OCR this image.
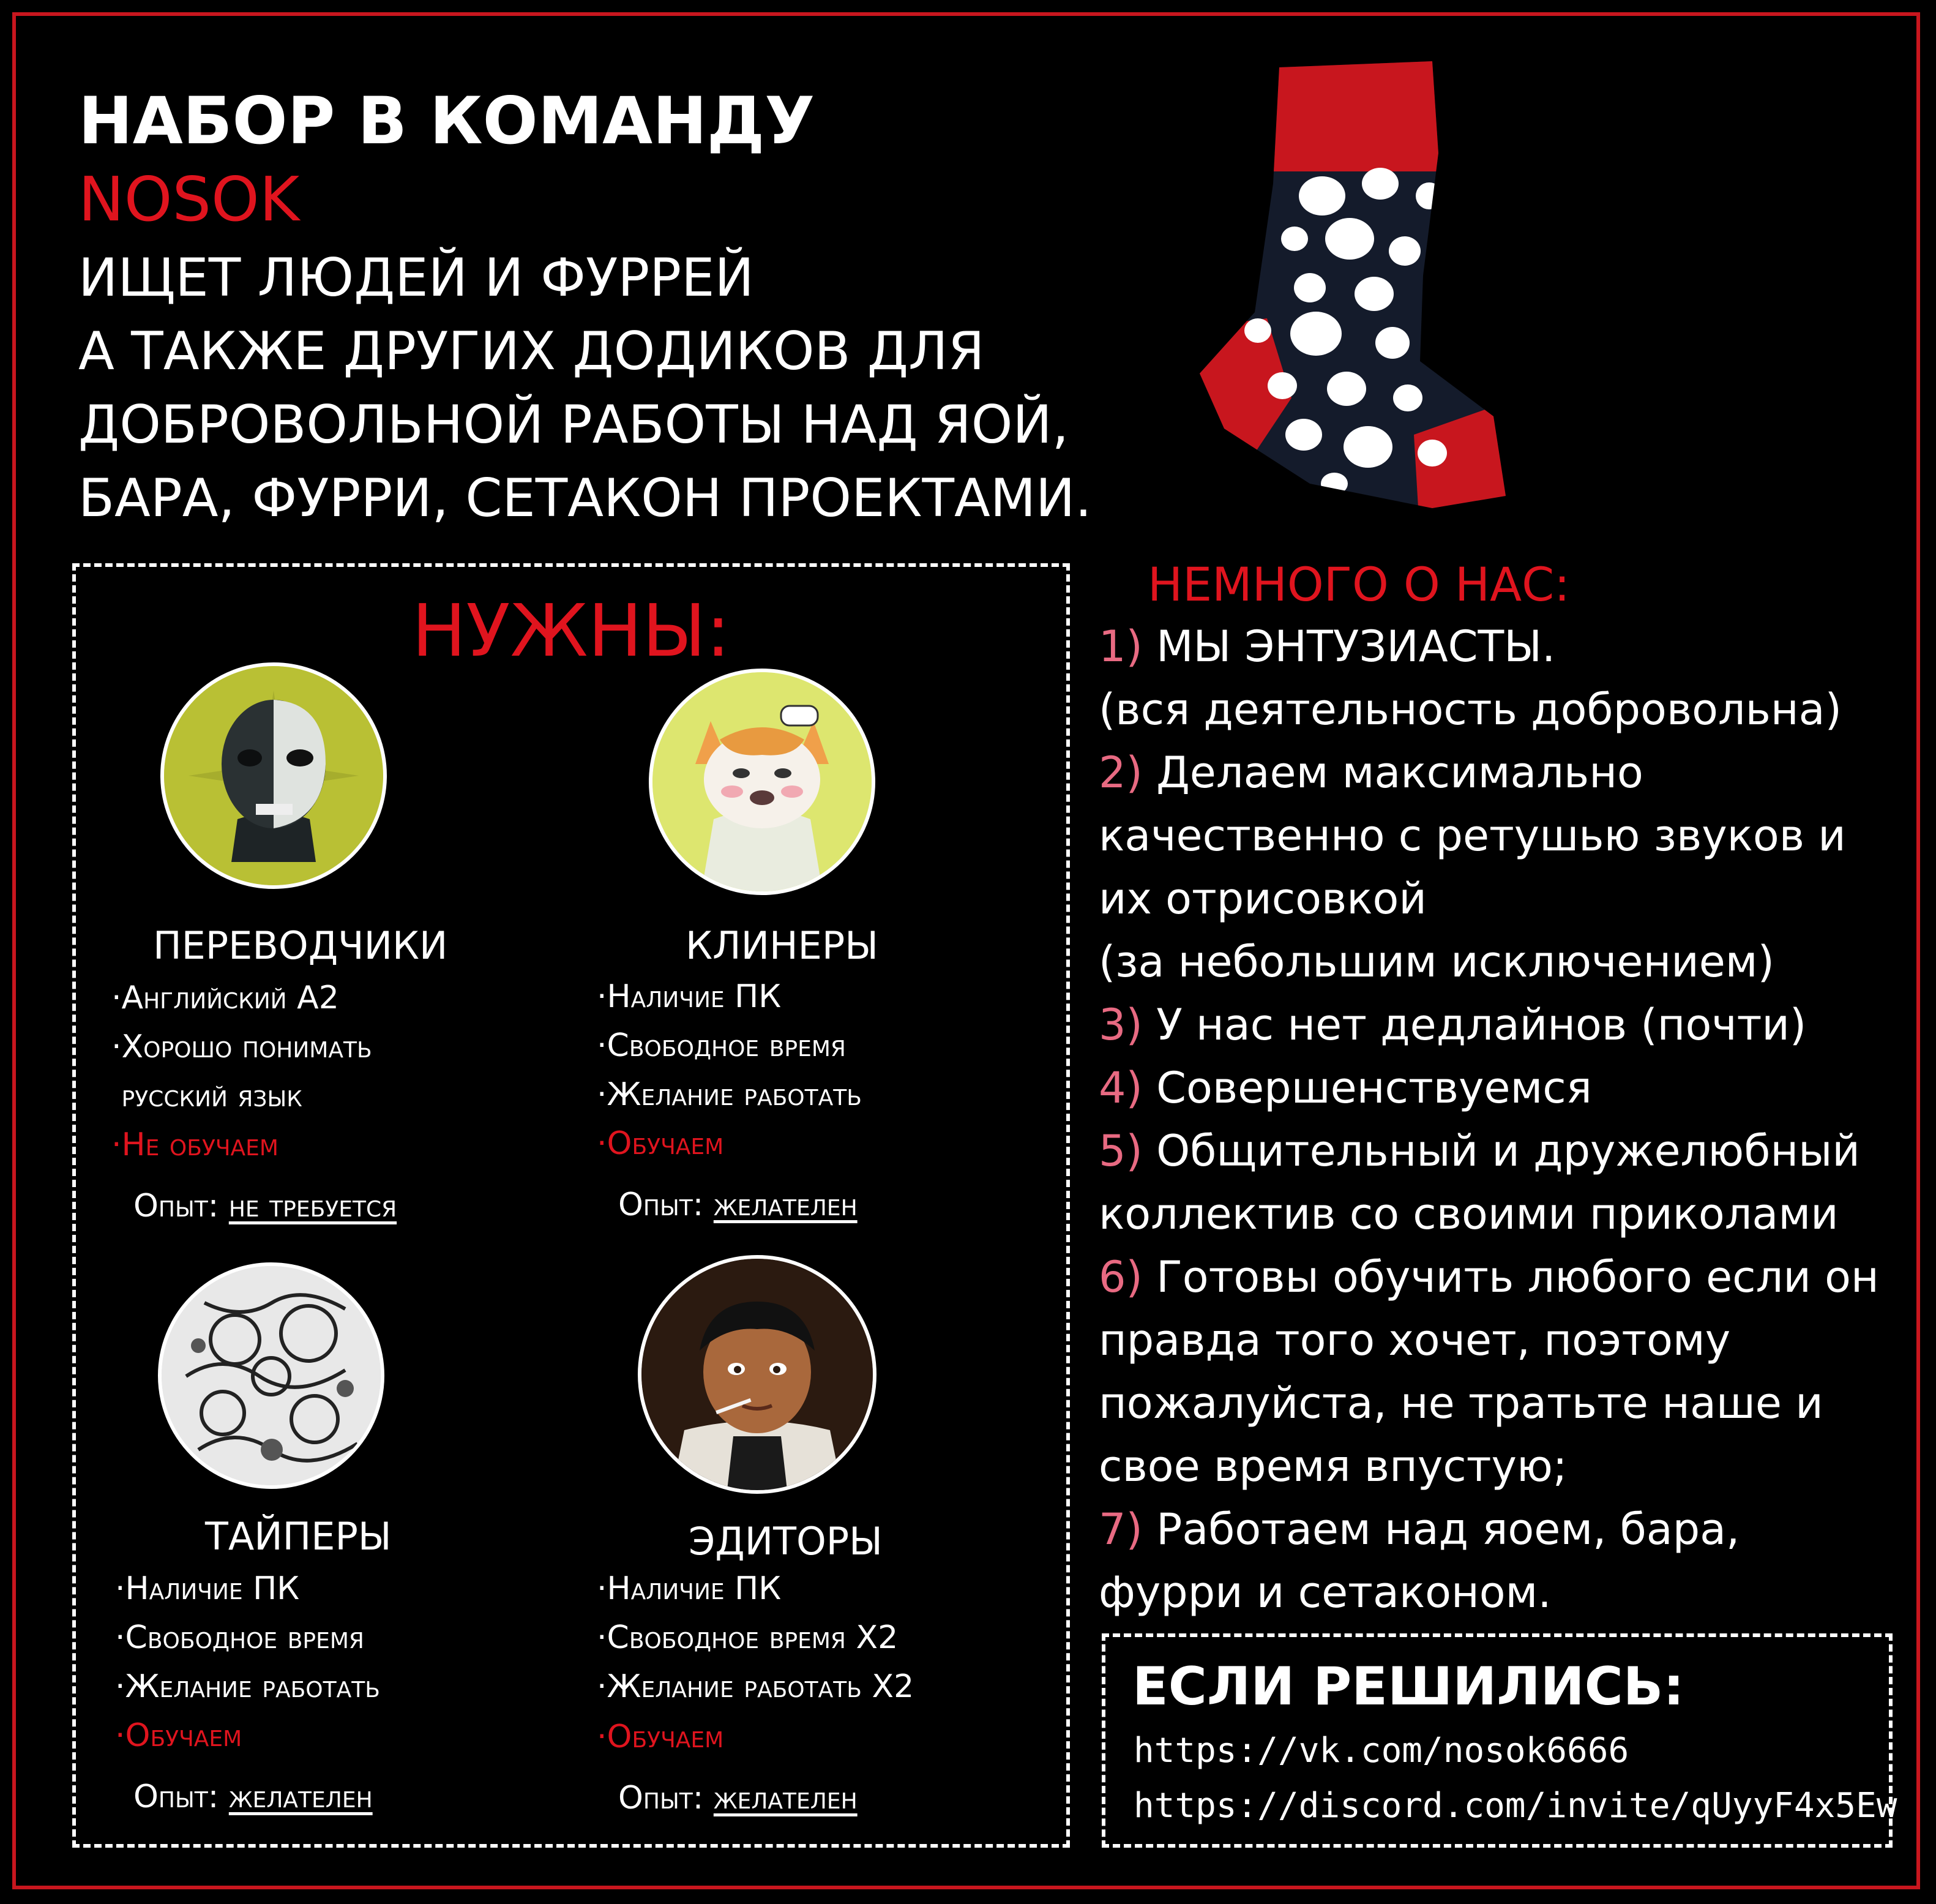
НАБОР В КОМАНДУ
NOSOK
ИЩЕТ ЛЮДЕЙ И ФУРРЕЙ
А ТАКЖЕ ДРУГИХ ДОДИКОВ ДЛЯ
ДОБРОВОЛЬНОЙ РАБОТЫ НАД ЯОЙ,
БАРА, ФУРРИ, СЕТАКОН ПРОЕКТАМИ.
НУЖНЫ:
ПЕРЕВОДЧИКИ
·Английский А2
·Хорошо понимать
русский язык
·Не обучаем
Опыт: не требуется
КЛИНЕРЫ
·Наличие ПК
·Свободное время
·Желание работать
·Обучаем
Опыт: желателен
ТАЙПЕРЫ
·Наличие ПК
·Свободное время
·Желание работать
·Обучаем
Опыт: желателен
ЭДИТОРЫ
·Наличие ПК
·Свободное время Х2
·Желание работать Х2
·Обучаем
Опыт: желателен
НЕМНОГО О НАС:
1) МЫ ЭНТУЗИАСТЫ.
(вся деятельность добровольна)
2) Делаем максимально
качественно с ретушью звуков и
их отрисовкой
(за небольшим исключением)
3) У нас нет дедлайнов (почти)
4) Совершенствуемся
5) Общительный и дружелюбный
коллектив со своими приколами
6) Готовы обучить любого если он
правда того хочет, поэтому
пожалуйста, не тратьте наше и
свое время впустую;
7) Работаем над яоем, бара,
фурри и сетаконом.
ЕСЛИ РЕШИЛИСЬ:
https://vk.com/nosok6666
https://discord.com/invite/qUyyF4x5Ew
